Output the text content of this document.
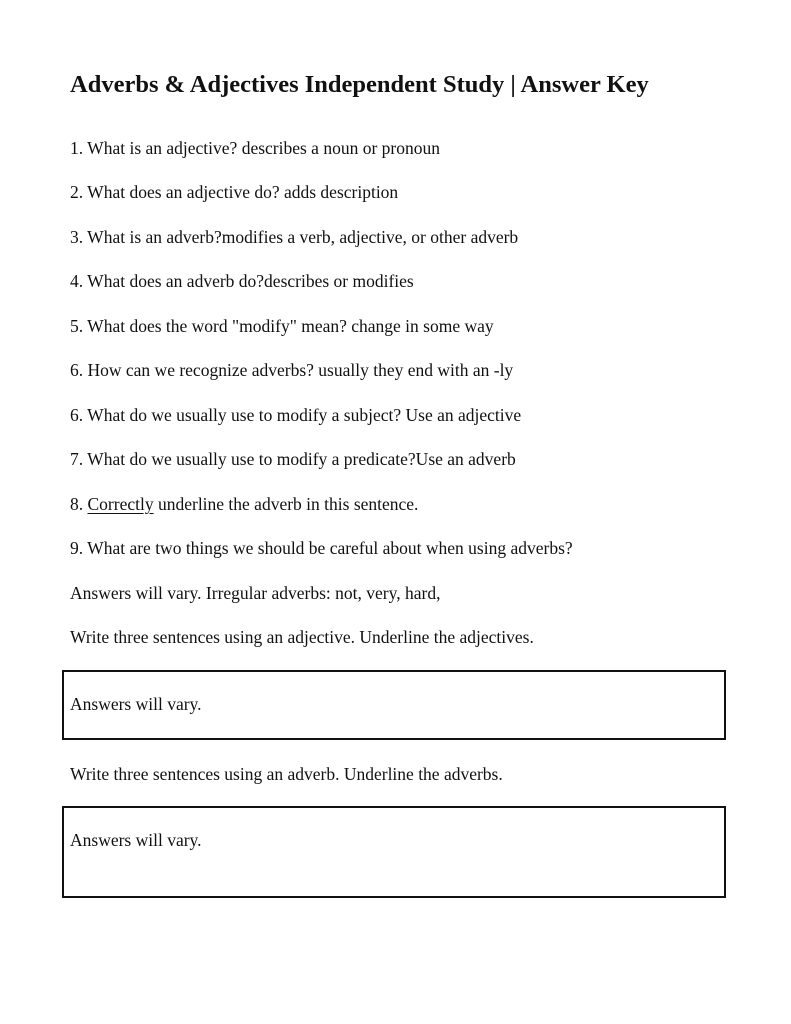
Adverbs & Adjectives Independent Study | Answer Key
1. What is an adjective? describes a noun or pronoun
2. What does an adjective do? adds description
3. What is an adverb?modifies a verb, adjective, or other adverb
4. What does an adverb do?describes or modifies
5. What does the word "modify" mean? change in some way
6. How can we recognize adverbs? usually they end with an -ly
6. What do we usually use to modify a subject? Use an adjective
7. What do we usually use to modify a predicate?Use an adverb
8. Correctly underline the adverb in this sentence.
9. What are two things we should be careful about when using adverbs?
Answers will vary. Irregular adverbs: not, very, hard,
Write three sentences using an adjective. Underline the adjectives.
Answers will vary.
Write three sentences using an adverb. Underline the adverbs.
Answers will vary.
